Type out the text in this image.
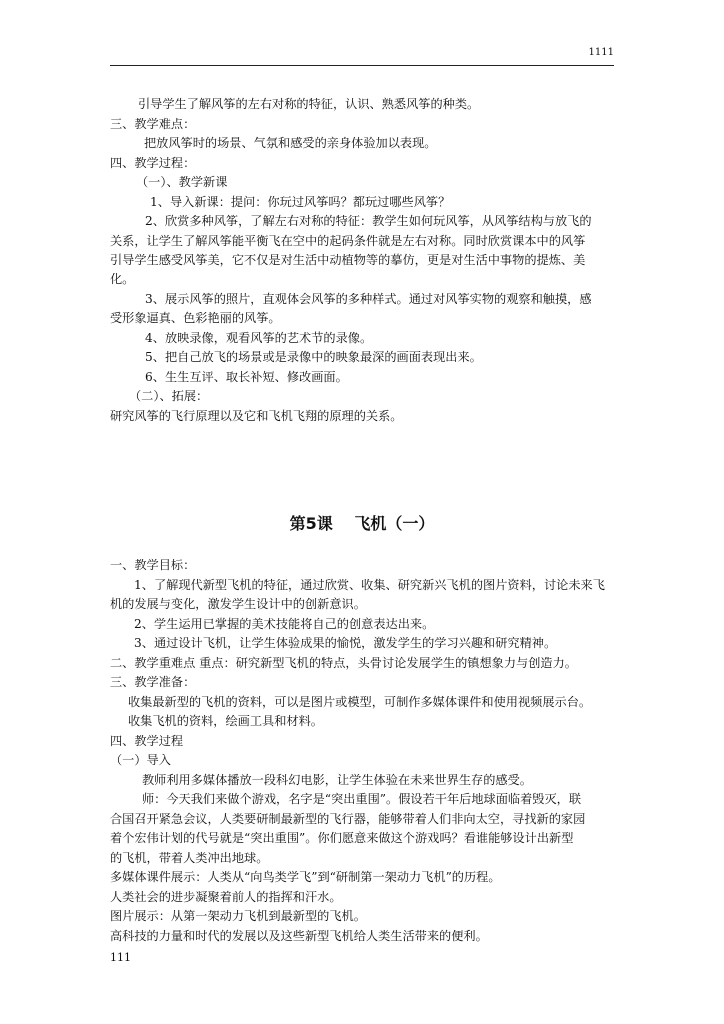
1111
引导学生了解风筝的左右对称的特征，认识、熟悉风筝的种类。
三、教学难点：
把放风筝时的场景、气氛和感受的亲身体验加以表现。
四、教学过程：
（一）、教学新课
1、导入新课：提问：你玩过风筝吗？都玩过哪些风筝？
2、欣赏多种风筝，了解左右对称的特征：教学生如何玩风筝，从风筝结构与放飞的
关系，让学生了解风筝能平衡飞在空中的起码条件就是左右对称。同时欣赏课本中的风筝
引导学生感受风筝美，它不仅是对生活中动植物等的摹仿，更是对生活中事物的提炼、美
化。
3、展示风筝的照片，直观体会风筝的多种样式。通过对风筝实物的观察和触摸，感
受形象逼真、色彩艳丽的风筝。
4、放映录像，观看风筝的艺术节的录像。
5、把自己放飞的场景或是录像中的映象最深的画面表现出来。
6、生生互评、取长补短、修改画面。
（二）、拓展：
研究风筝的飞行原理以及它和飞机飞翔的原理的关系。
第5课　 飞机（一）
一、教学目标：
1、了解现代新型飞机的特征，通过欣赏、收集、研究新兴飞机的图片资料，讨论未来飞
机的发展与变化，激发学生设计中的创新意识。
2、学生运用已掌握的美术技能将自己的创意表达出来。
3、通过设计飞机，让学生体验成果的愉悦，激发学生的学习兴趣和研究精神。
二、教学重难点 重点：研究新型飞机的特点，头骨讨论发展学生的镇想象力与创造力。
三、教学准备：
收集最新型的飞机的资料，可以是图片或模型，可制作多媒体课件和使用视频展示台。
收集飞机的资料，绘画工具和材料。
四、教学过程
（一）导入
教师利用多媒体播放一段科幻电影，让学生体验在未来世界生存的感受。
师：今天我们来做个游戏，名字是“突出重围”。假设若干年后地球面临着毁灭，联
合国召开紧急会议，人类要研制最新型的飞行器，能够带着人们非向太空，寻找新的家园
着个宏伟计划的代号就是“突出重围”。你们愿意来做这个游戏吗？看谁能够设计出新型
的飞机，带着人类冲出地球。
多媒体课件展示：人类从“向鸟类学飞”到“研制第一架动力飞机”的历程。
人类社会的进步凝聚着前人的指挥和汗水。
图片展示：从第一架动力飞机到最新型的飞机。
高科技的力量和时代的发展以及这些新型飞机给人类生活带来的便利。
111
